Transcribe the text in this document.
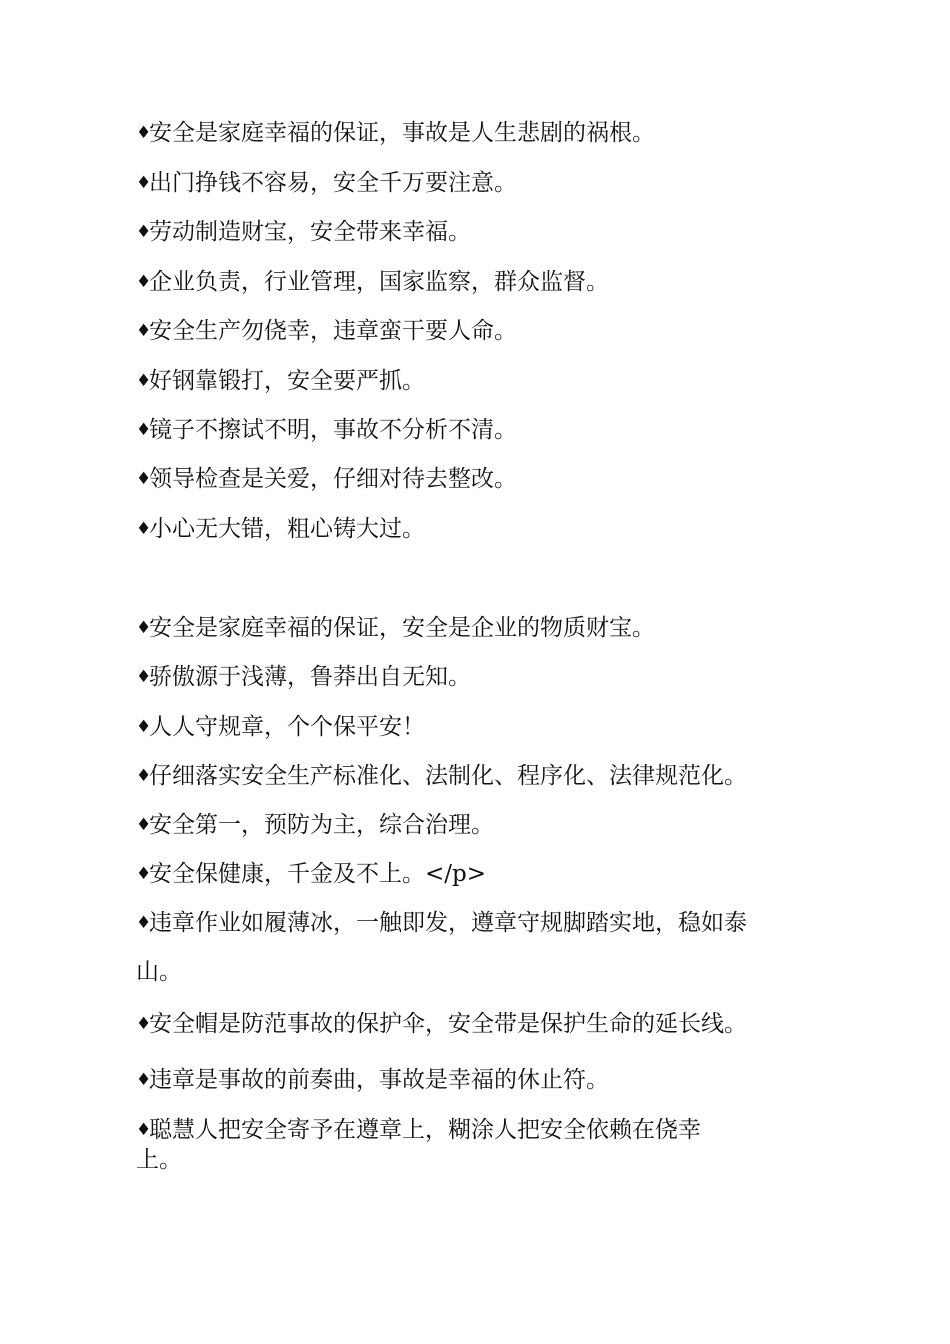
♦安全是家庭幸福的保证，事故是人生悲剧的祸根。
♦出门挣钱不容易，安全千万要注意。
♦劳动制造财宝，安全带来幸福。
♦企业负责，行业管理，国家监察，群众监督。
♦安全生产勿侥幸，违章蛮干要人命。
♦好钢靠锻打，安全要严抓。
♦镜子不擦试不明，事故不分析不清。
♦领导检查是关爱，仔细对待去整改。
♦小心无大错，粗心铸大过。
♦安全是家庭幸福的保证，安全是企业的物质财宝。
♦骄傲源于浅薄，鲁莽出自无知。
♦人人守规章，个个保平安！
♦仔细落实安全生产标准化、法制化、程序化、法律规范化。
♦安全第一，预防为主，综合治理。
♦安全保健康，千金及不上。</p>
♦违章作业如履薄冰，一触即发，遵章守规脚踏实地，稳如泰
山。
♦安全帽是防范事故的保护伞，安全带是保护生命的延长线。
♦违章是事故的前奏曲，事故是幸福的休止符。
♦聪慧人把安全寄予在遵章上，糊涂人把安全依赖在侥幸
上。
